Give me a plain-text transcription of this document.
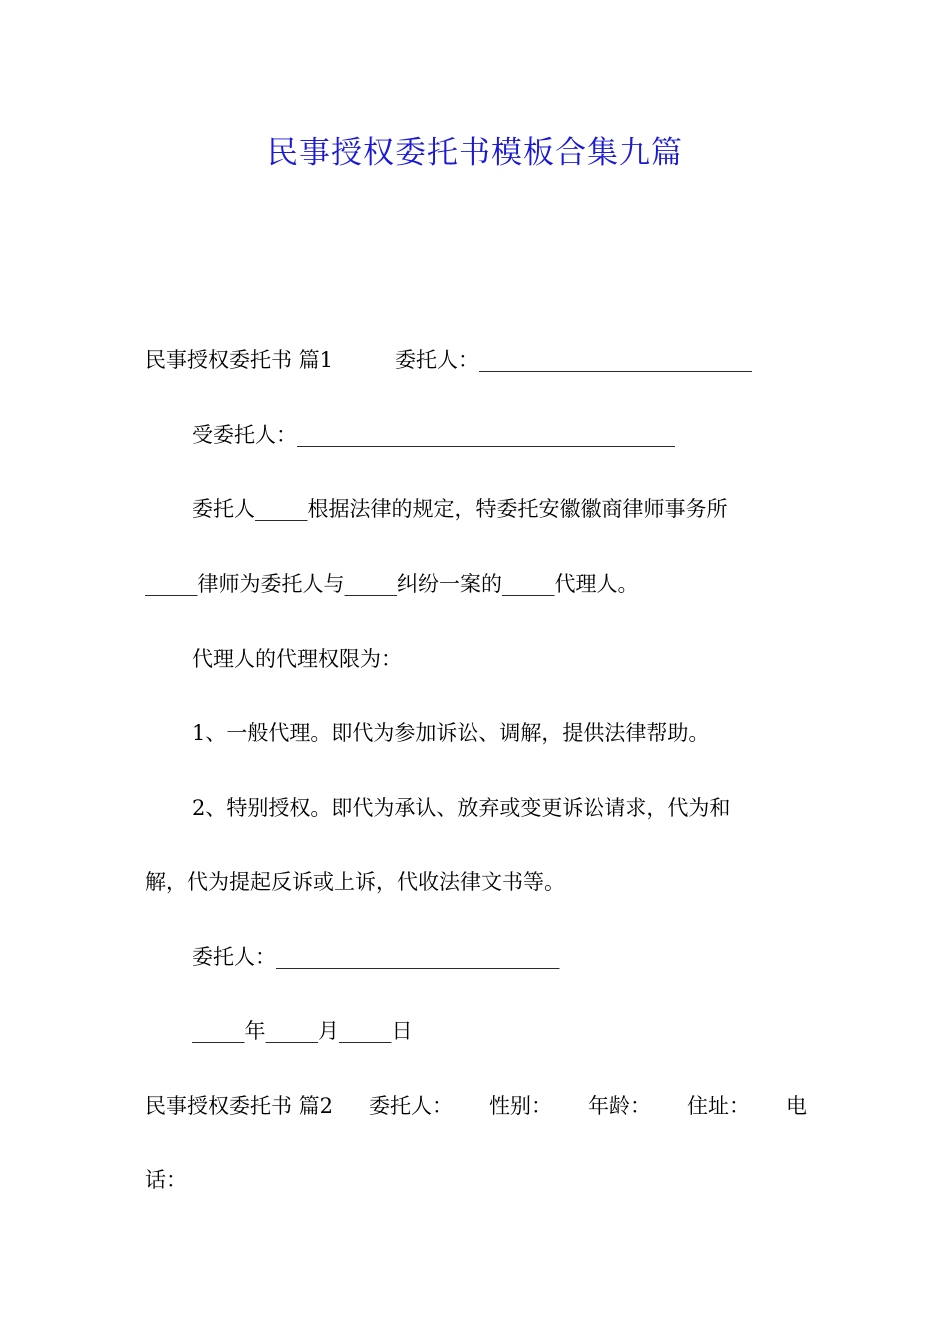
民事授权委托书模板合集九篇
民事授权委托书 篇1	委托人：__________________________
受委托人：____________________________________
委托人_____根据法律的规定，特委托安徽徽商律师事务所
_____律师为委托人与_____纠纷一案的_____代理人。
代理人的代理权限为：
1、一般代理。即代为参加诉讼、调解，提供法律帮助。
2、特别授权。即代为承认、放弃或变更诉讼请求，代为和
解，代为提起反诉或上诉，代收法律文书等。
委托人：___________________________
_____年_____月_____日
民事授权委托书 篇2 委托人： 性别： 年龄： 住址： 电
话：
